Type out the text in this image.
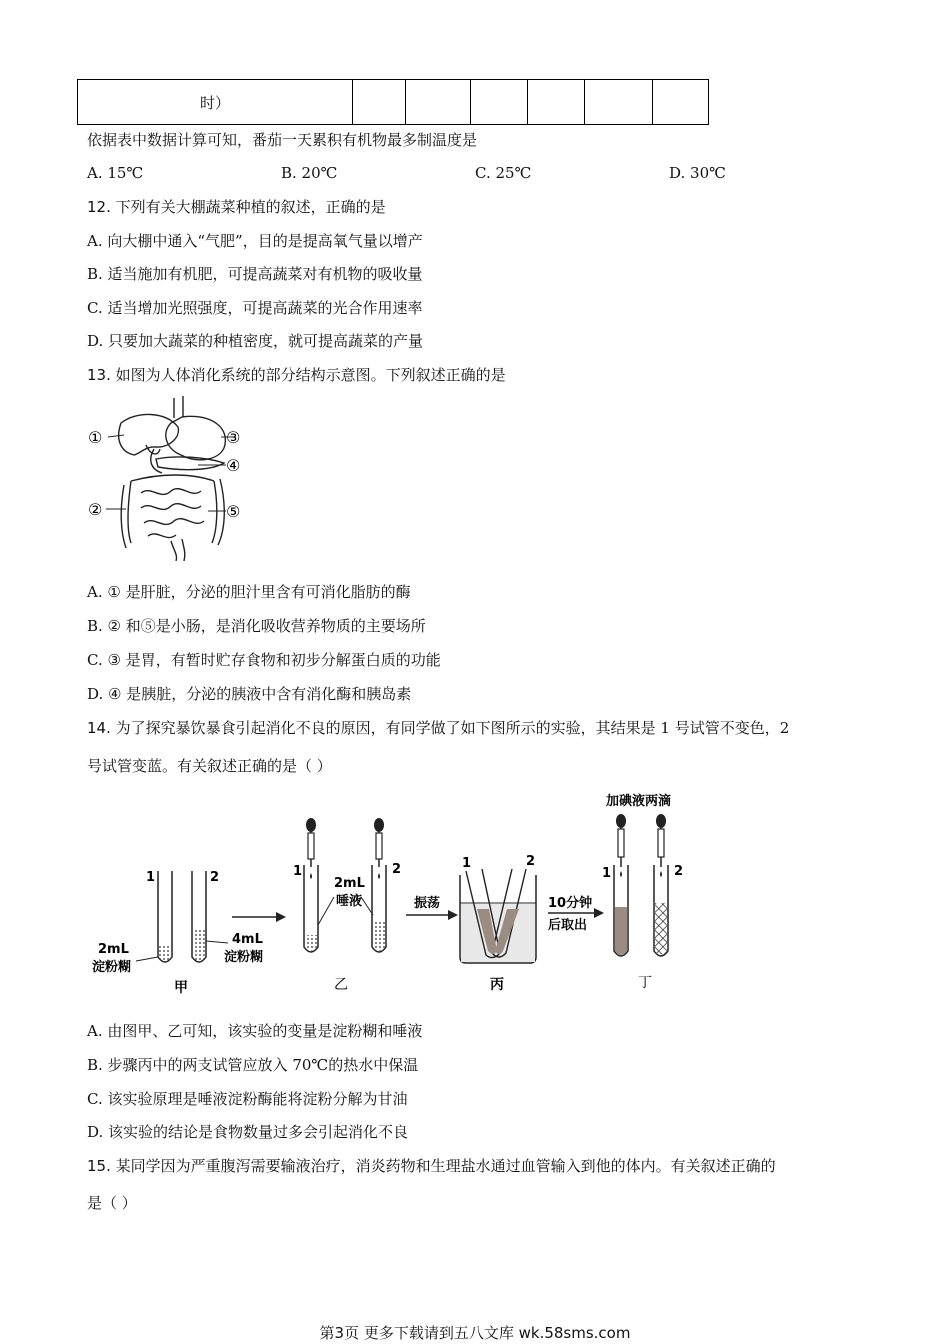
时）						
依据表中数据计算可知，番茄一天累积有机物最多制温度是
A. 15℃	B. 20℃	C. 25℃	D. 30℃
12. 下列有关大棚蔬菜种植的叙述，正确的是
A. 向大棚中通入“气肥”，目的是提高氧气量以增产
B. 适当施加有机肥，可提高蔬菜对有机物的吸收量
C. 适当增加光照强度，可提高蔬菜的光合作用速率
D. 只要加大蔬菜的种植密度，就可提高蔬菜的产量
13. 如图为人体消化系统的部分结构示意图。下列叙述正确的是
①
②
③
④
⑤
A. ① 是肝脏，分泌的胆汁里含有可消化脂肪的酶
B. ② 和⑤是小肠，是消化吸收营养物质的主要场所
C. ③ 是胃，有暂时贮存食物和初步分解蛋白质的功能
D. ④ 是胰脏，分泌的胰液中含有消化酶和胰岛素
14. 为了探究暴饮暴食引起消化不良的原因，有同学做了如下图所示的实验，其结果是 1 号试管不变色，2
号试管变蓝。有关叙述正确的是（ ）
1	2
2mL
淀粉糊
4mL
淀粉糊
甲
1	2
2mL
唾液
乙
振荡
1	2
丙
10分钟
后取出
1	2
加碘液两滴
丁
A. 由图甲、乙可知，该实验的变量是淀粉糊和唾液
B. 步骤丙中的两支试管应放入 70℃的热水中保温
C. 该实验原理是唾液淀粉酶能将淀粉分解为甘油
D. 该实验的结论是食物数量过多会引起消化不良
15. 某同学因为严重腹泻需要输液治疗，消炎药物和生理盐水通过血管输入到他的体内。有关叙述正确的
是（ ）
第3页 更多下载请到五八文库 wk.58sms.com
